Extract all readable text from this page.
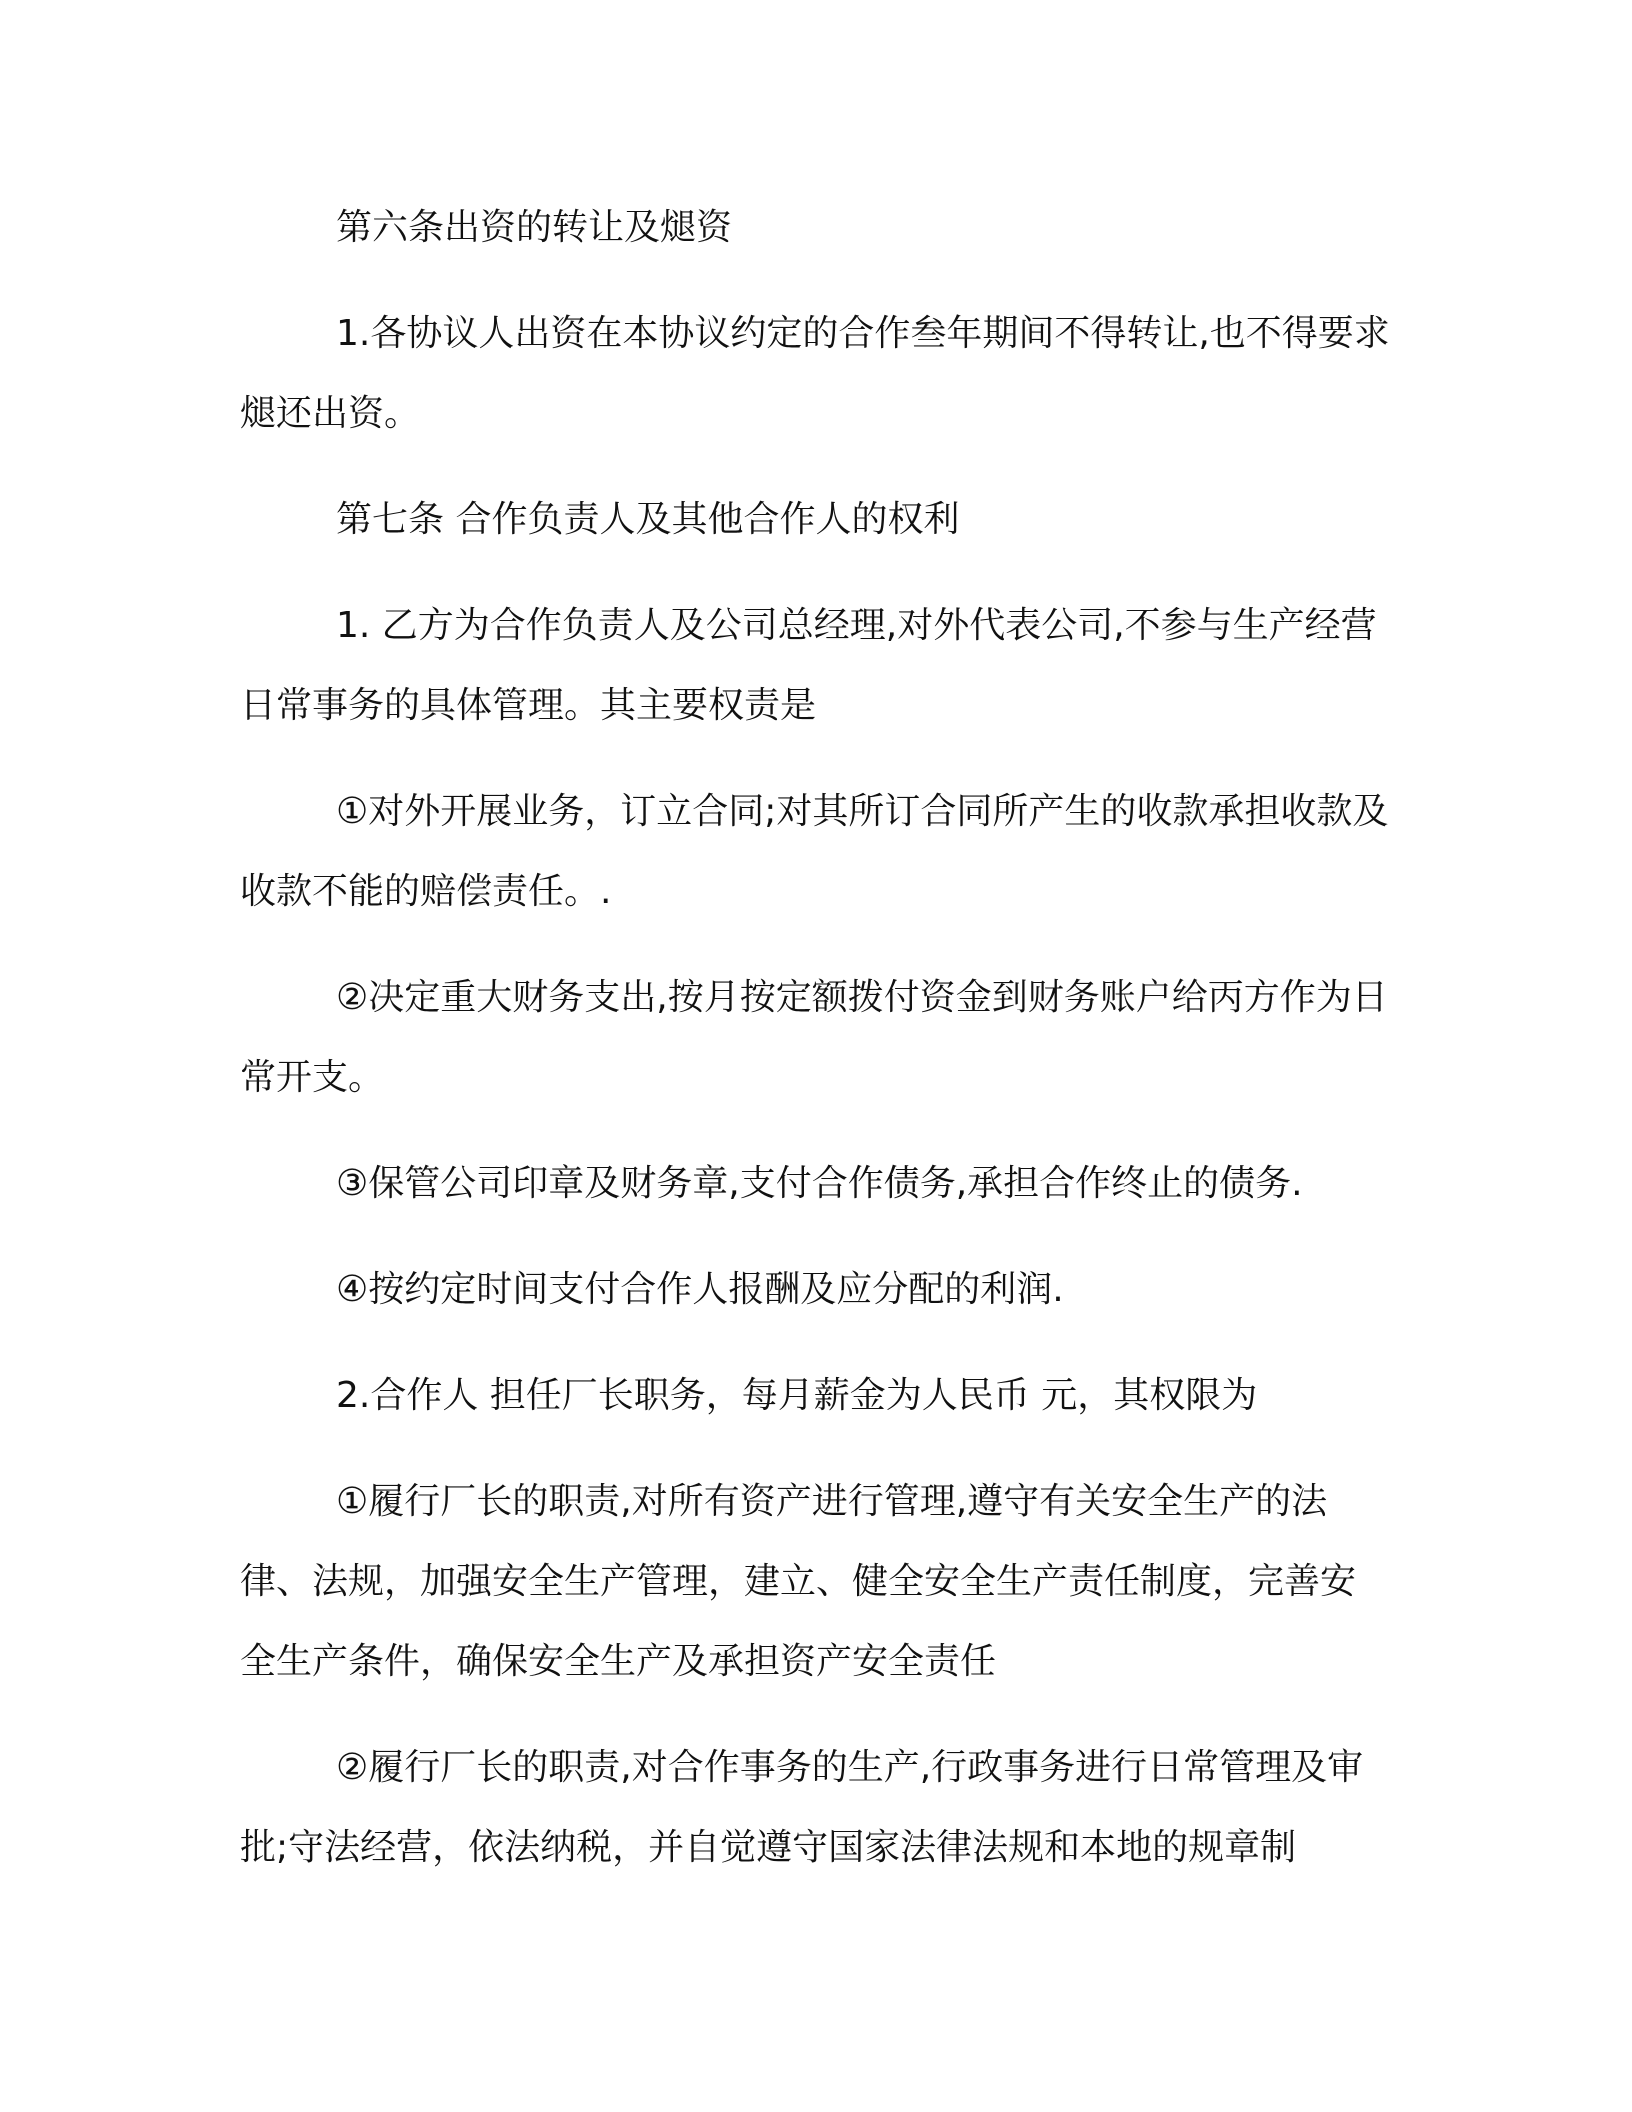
第六条出资的转让及煺资

1.各协议人出资在本协议约定的合作叁年期间不得转让,也不得要求煺还出资。

第七条 合作负责人及其他合作人的权利

1. 乙方为合作负责人及公司总经理,对外代表公司,不参与生产经营日常事务的具体管理。其主要权责是

①对外开展业务，订立合同;对其所订合同所产生的收款承担收款及收款不能的赔偿责任。.

②决定重大财务支出,按月按定额拨付资金到财务账户给丙方作为日常开支。

③保管公司印章及财务章,支付合作债务,承担合作终止的债务.

④按约定时间支付合作人报酬及应分配的利润.

2.合作人 担任厂长职务，每月薪金为人民币 元，其权限为

①履行厂长的职责,对所有资产进行管理,遵守有关安全生产的法律、法规，加强安全生产管理，建立、健全安全生产责任制度，完善安全生产条件，确保安全生产及承担资产安全责任

②履行厂长的职责,对合作事务的生产,行政事务进行日常管理及审批;守法经营，依法纳税，并自觉遵守国家法律法规和本地的规章制
